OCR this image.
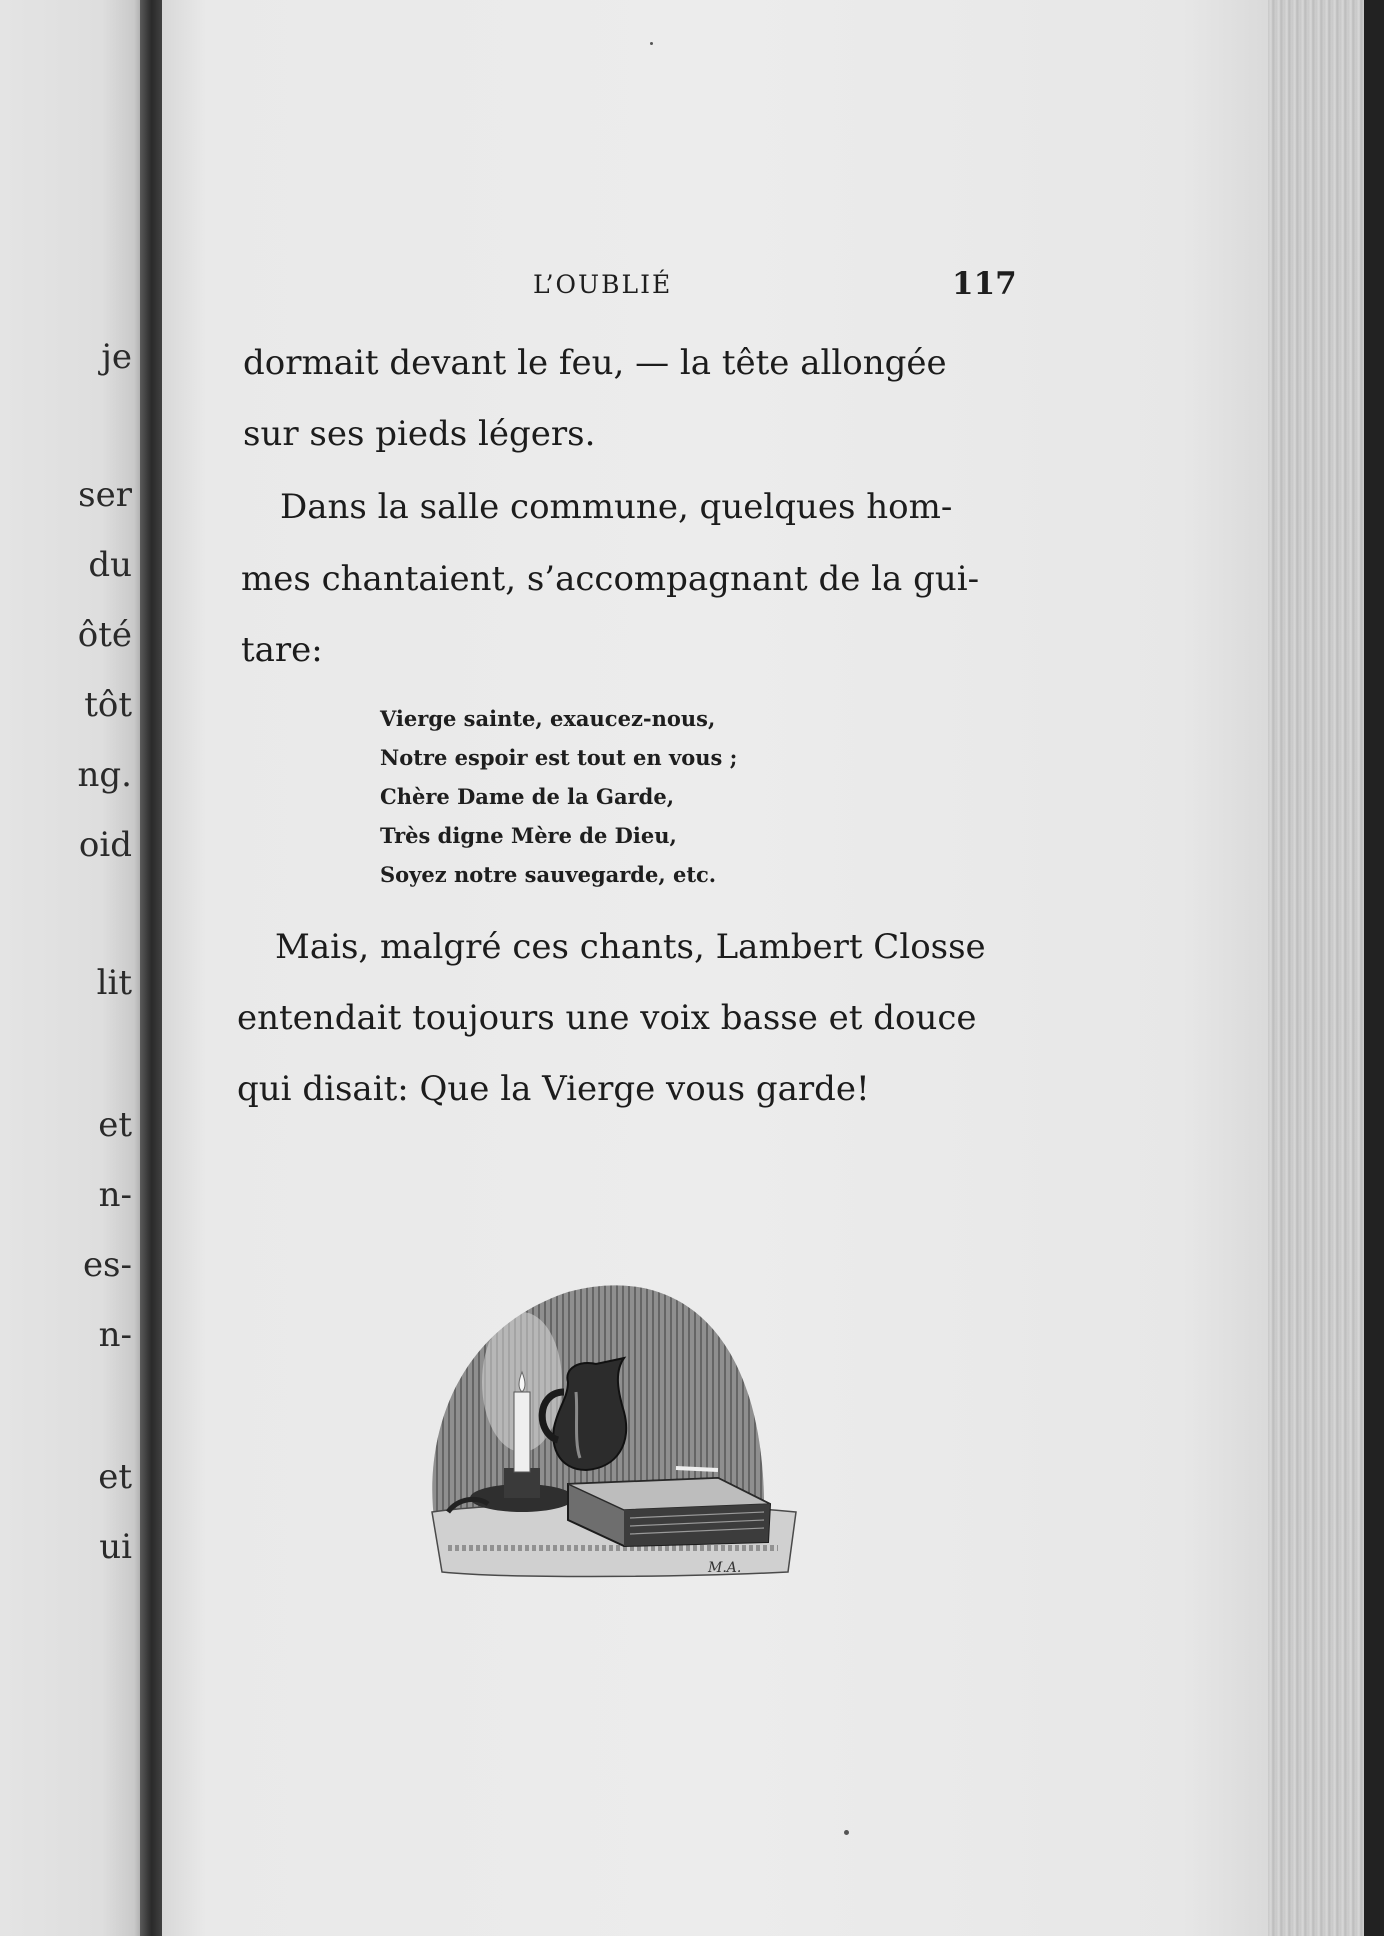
je
ser
du
ôté
tôt
ng.
oid
lit
et
n-
es-
n-
et
ui
L’OUBLIÉ	117
dormait devant le feu, — la tête allongée
sur ses pieds légers.
Dans la salle commune, quelques hom-
mes chantaient, s’accompagnant de la gui-
tare:
Vierge sainte, exaucez-nous,
Notre espoir est tout en vous ;
Chère Dame de la Garde,
Très digne Mère de Dieu,
Soyez notre sauvegarde, etc.
Mais, malgré ces chants, Lambert Closse
entendait toujours une voix basse et douce
qui disait: Que la Vierge vous garde!
M.A.
